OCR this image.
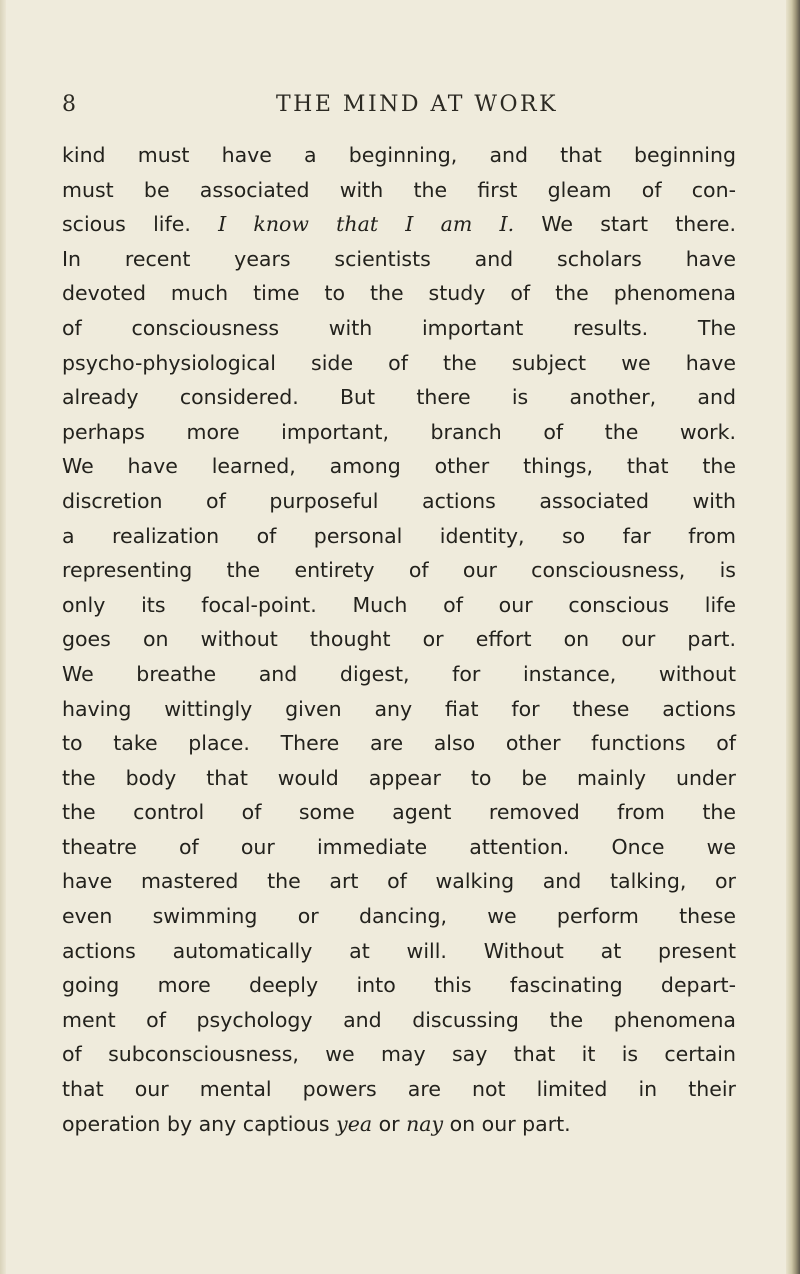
8	THE MIND AT WORK
kind must have a beginning, and that beginning
must be associated with the first gleam of con-
scious life. I know that I am I. We start there.
In recent years scientists and scholars have
devoted much time to the study of the phenomena
of consciousness with important results. The
psycho-physiological side of the subject we have
already considered. But there is another, and
perhaps more important, branch of the work.
We have learned, among other things, that the
discretion of purposeful actions associated with
a realization of personal identity, so far from
representing the entirety of our consciousness, is
only its focal-point. Much of our conscious life
goes on without thought or effort on our part.
We breathe and digest, for instance, without
having wittingly given any fiat for these actions
to take place. There are also other functions of
the body that would appear to be mainly under
the control of some agent removed from the
theatre of our immediate attention. Once we
have mastered the art of walking and talking, or
even swimming or dancing, we perform these
actions automatically at will. Without at present
going more deeply into this fascinating depart-
ment of psychology and discussing the phenomena
of subconsciousness, we may say that it is certain
that our mental powers are not limited in their
operation by any captious yea or nay on our part.
